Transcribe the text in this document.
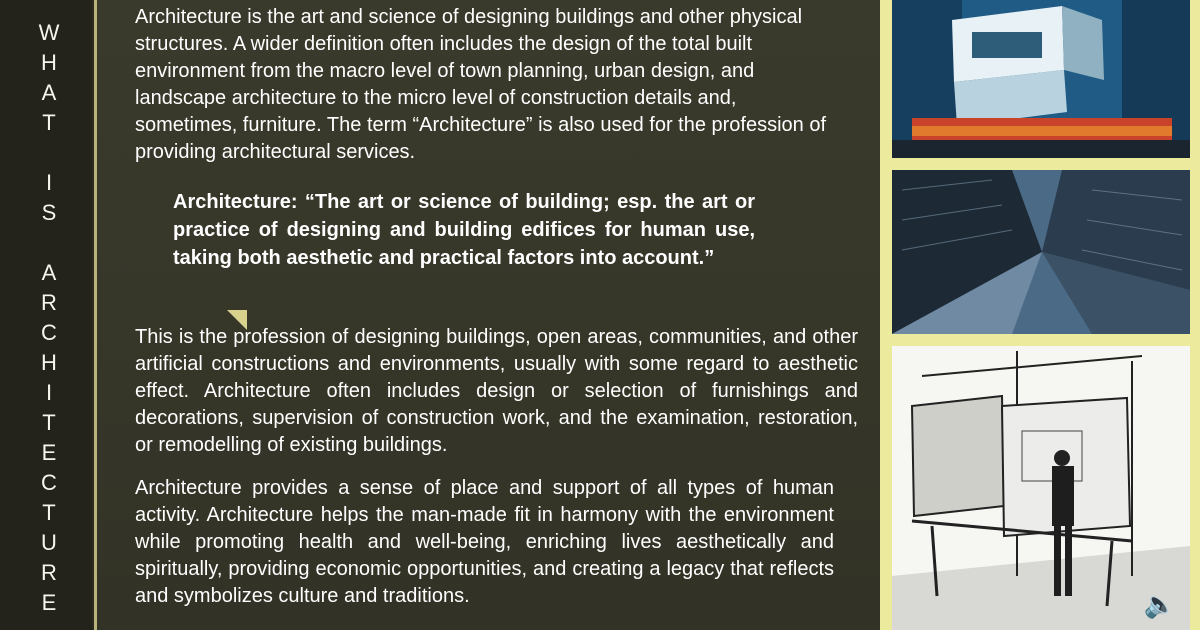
W
H
A
T
I
S
A
R
C
H
I
T
E
C
T
U
R
E

Architecture is the art and science of designing buildings and other physical structures. A wider definition often includes the design of the total built environment from the macro level of town planning, urban design, and landscape architecture to the micro level of construction details and, sometimes, furniture. The term “Architecture” is also used for the profession of providing architectural services.

Architecture: “The art or science of building; esp. the art or practice of designing and building edifices for human use, taking both aesthetic and practical factors into account.”

This is the profession of designing buildings, open areas, communities, and other artificial constructions and environments, usually with some regard to aesthetic effect. Architecture often includes design or selection of furnishings and decorations, supervision of construction work, and the examination, restoration, or remodelling of existing buildings.

Architecture provides a sense of place and support of all types of human activity. Architecture helps the man-made fit in harmony with the environment while promoting health and well-being, enriching lives aesthetically and spiritually, providing economic opportunities, and creating a legacy that reflects and symbolizes culture and traditions.	🔈
